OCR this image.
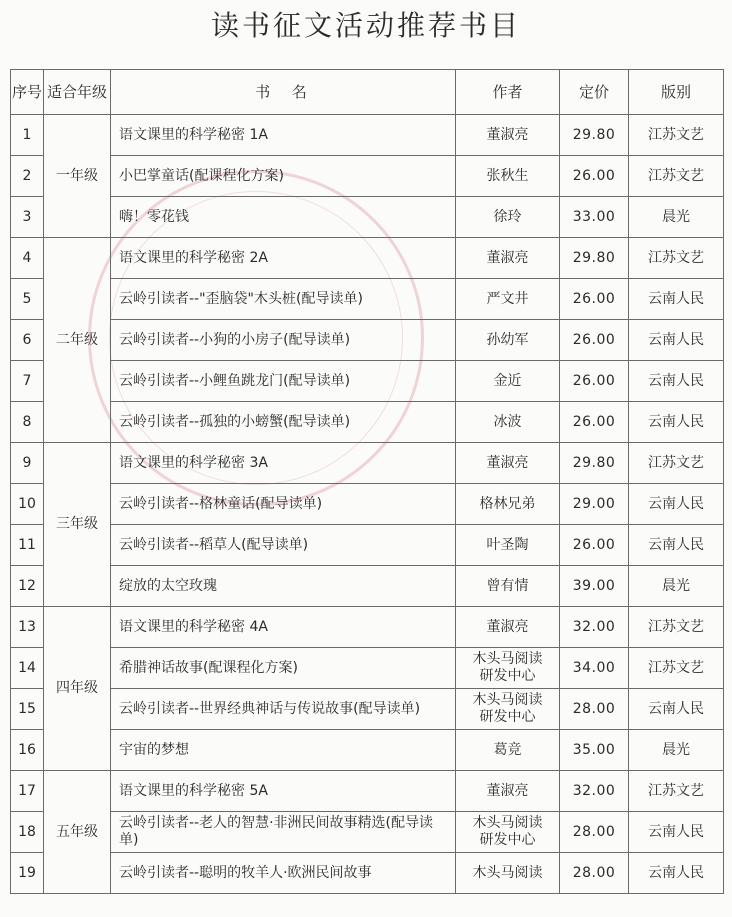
读书征文活动推荐书目
序号	适合年级	书  名	作者	定价	版别
1	一年级	语文课里的科学秘密 1A	董淑亮	29.80	江苏文艺
2		小巴掌童话(配课程化方案)	张秋生	26.00	江苏文艺
3		嗨！零花钱	徐玲	33.00	晨光
4	二年级	语文课里的科学秘密 2A	董淑亮	29.80	江苏文艺
5		云岭引读者--"歪脑袋"木头桩(配导读单)	严文井	26.00	云南人民
6		云岭引读者--小狗的小房子(配导读单)	孙幼军	26.00	云南人民
7		云岭引读者--小鲤鱼跳龙门(配导读单)	金近	26.00	云南人民
8		云岭引读者--孤独的小螃蟹(配导读单)	冰波	26.00	云南人民
9	三年级	语文课里的科学秘密 3A	董淑亮	29.80	江苏文艺
10		云岭引读者--格林童话(配导读单)	格林兄弟	29.00	云南人民
11		云岭引读者--稻草人(配导读单)	叶圣陶	26.00	云南人民
12		绽放的太空玫瑰	曾有情	39.00	晨光
13	四年级	语文课里的科学秘密 4A	董淑亮	32.00	江苏文艺
14		希腊神话故事(配课程化方案)	木头马阅读研发中心	34.00	江苏文艺
15		云岭引读者--世界经典神话与传说故事(配导读单)	木头马阅读研发中心	28.00	云南人民
16		宇宙的梦想	葛竞	35.00	晨光
17	五年级	语文课里的科学秘密 5A	董淑亮	32.00	江苏文艺
18		云岭引读者--老人的智慧·非洲民间故事精选(配导读单)	木头马阅读研发中心	28.00	云南人民
19		云岭引读者--聪明的牧羊人·欧洲民间故事	木头马阅读	28.00	云南人民
